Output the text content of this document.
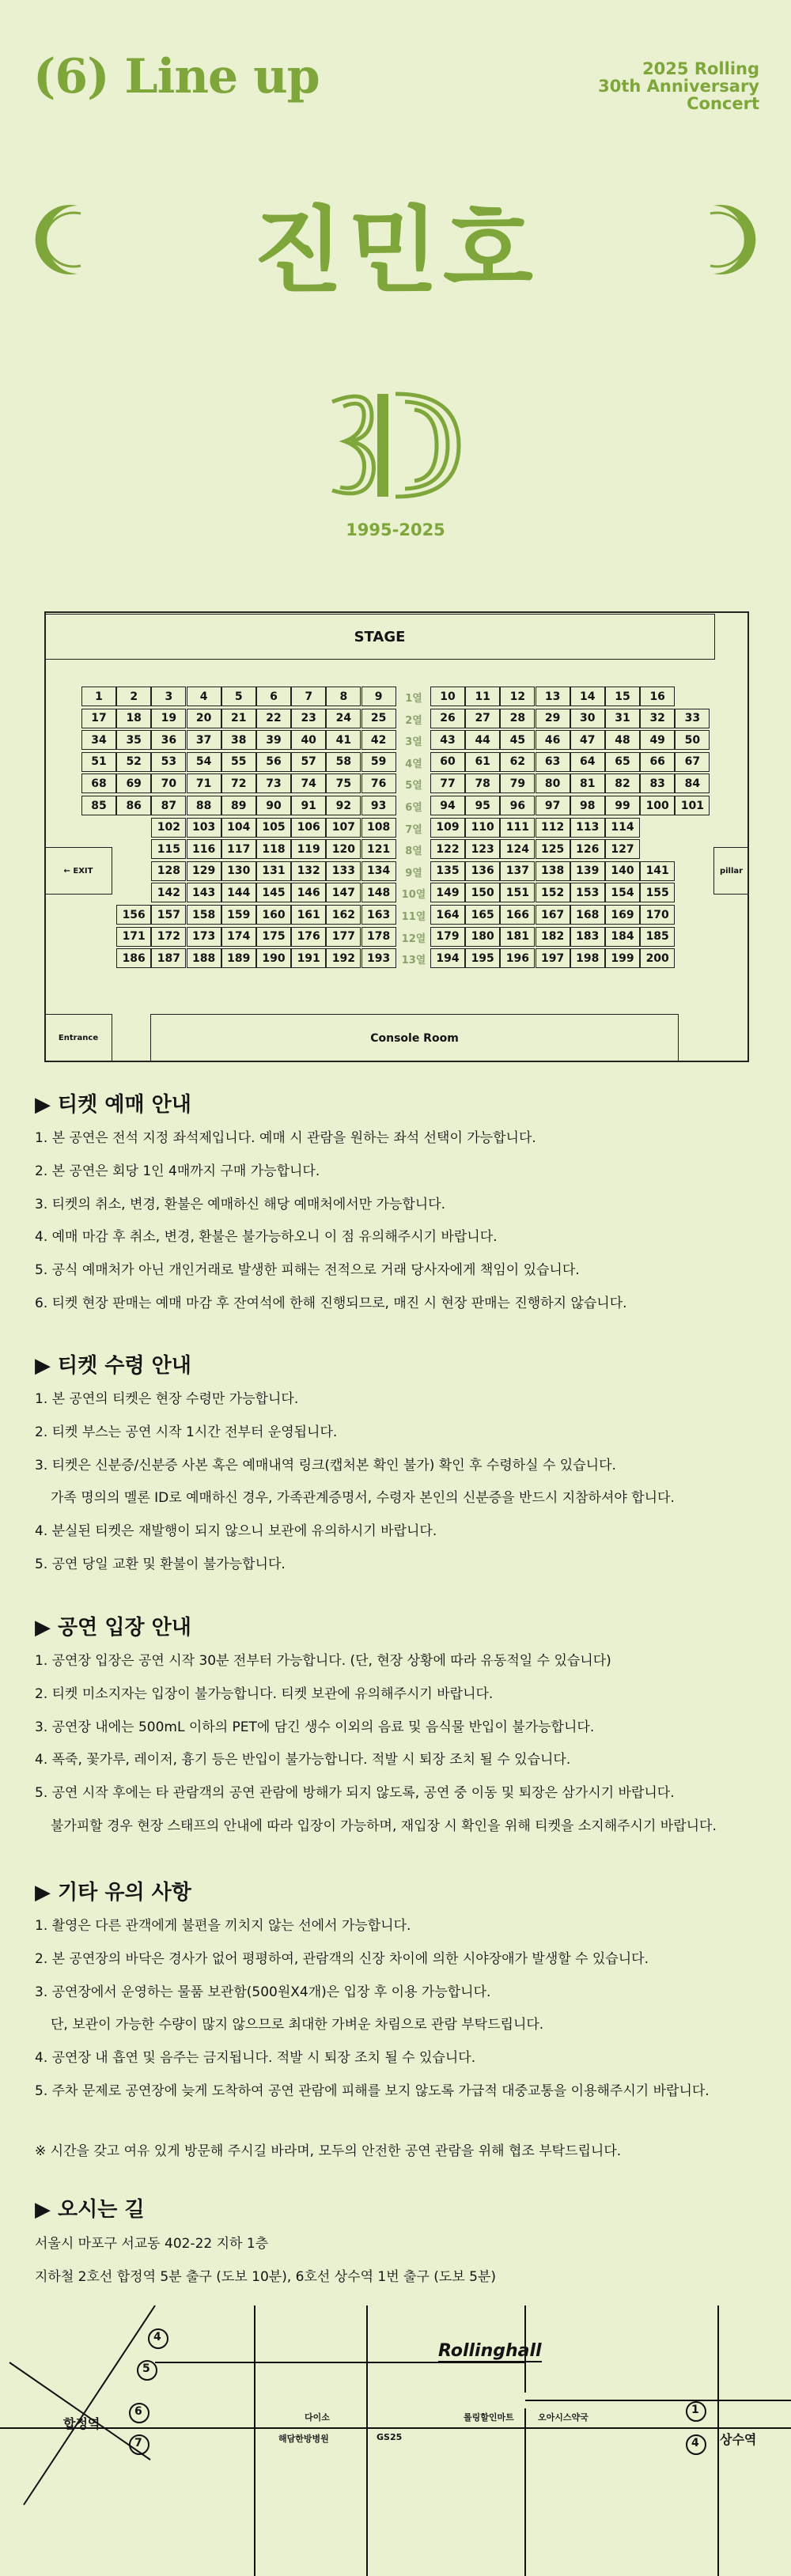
(6) Line up	2025 Rolling
30th Anniversary
Concert
진민호
1995-2025
STAGE
← EXIT	pillar
Entrance	Console Room
1	2	3	4	5	6	7	8	9	10	11	12	13	14	15	16
1열
17	18	19	20	21	22	23	24	25	26	27	28	29	30	31	32	33
2열
34	35	36	37	38	39	40	41	42	43	44	45	46	47	48	49	50
3열
51	52	53	54	55	56	57	58	59	60	61	62	63	64	65	66	67
4열
68	69	70	71	72	73	74	75	76	77	78	79	80	81	82	83	84
5열
85	86	87	88	89	90	91	92	93	94	95	96	97	98	99	100	101
6열
102	103	104	105	106	107	108	109	110	111	112	113	114
7열
115	116	117	118	119	120	121	122	123	124	125	126	127
8열
128	129	130	131	132	133	134	135	136	137	138	139	140	141
9열
142	143	144	145	146	147	148	149	150	151	152	153	154	155
10열
156	157	158	159	160	161	162	163	164	165	166	167	168	169	170
11열
171	172	173	174	175	176	177	178	179	180	181	182	183	184	185
12열
186	187	188	189	190	191	192	193	194	195	196	197	198	199	200
13열
▶ 티켓 예매 안내
1. 본 공연은 전석 지정 좌석제입니다. 예매 시 관람을 원하는 좌석 선택이 가능합니다.
2. 본 공연은 회당 1인 4매까지 구매 가능합니다.
3. 티켓의 취소, 변경, 환불은 예매하신 해당 예매처에서만 가능합니다.
4. 예매 마감 후 취소, 변경, 환불은 불가능하오니 이 점 유의해주시기 바랍니다.
5. 공식 예매처가 아닌 개인거래로 발생한 피해는 전적으로 거래 당사자에게 책임이 있습니다.
6. 티켓 현장 판매는 예매 마감 후 잔여석에 한해 진행되므로, 매진 시 현장 판매는 진행하지 않습니다.
▶ 티켓 수령 안내
1. 본 공연의 티켓은 현장 수령만 가능합니다.
2. 티켓 부스는 공연 시작 1시간 전부터 운영됩니다.
3. 티켓은 신분증/신분증 사본 혹은 예매내역 링크(캡처본 확인 불가) 확인 후 수령하실 수 있습니다.
가족 명의의 멜론 ID로 예매하신 경우, 가족관계증명서, 수령자 본인의 신분증을 반드시 지참하셔야 합니다.
4. 분실된 티켓은 재발행이 되지 않으니 보관에 유의하시기 바랍니다.
5. 공연 당일 교환 및 환불이 불가능합니다.
▶ 공연 입장 안내
1. 공연장 입장은 공연 시작 30분 전부터 가능합니다. (단, 현장 상황에 따라 유동적일 수 있습니다)
2. 티켓 미소지자는 입장이 불가능합니다. 티켓 보관에 유의해주시기 바랍니다.
3. 공연장 내에는 500mL 이하의 PET에 담긴 생수 이외의 음료 및 음식물 반입이 불가능합니다.
4. 폭죽, 꽃가루, 레이저, 흉기 등은 반입이 불가능합니다. 적발 시 퇴장 조치 될 수 있습니다.
5. 공연 시작 후에는 타 관람객의 공연 관람에 방해가 되지 않도록, 공연 중 이동 및 퇴장은 삼가시기 바랍니다.
불가피할 경우 현장 스태프의 안내에 따라 입장이 가능하며, 재입장 시 확인을 위해 티켓을 소지해주시기 바랍니다.
▶ 기타 유의 사항
1. 촬영은 다른 관객에게 불편을 끼치지 않는 선에서 가능합니다.
2. 본 공연장의 바닥은 경사가 없어 평평하여, 관람객의 신장 차이에 의한 시야장애가 발생할 수 있습니다.
3. 공연장에서 운영하는 물품 보관함(500원X4개)은 입장 후 이용 가능합니다.
단, 보관이 가능한 수량이 많지 않으므로 최대한 가벼운 차림으로 관람 부탁드립니다.
4. 공연장 내 흡연 및 음주는 금지됩니다. 적발 시 퇴장 조치 될 수 있습니다.
5. 주차 문제로 공연장에 늦게 도착하여 공연 관람에 피해를 보지 않도록 가급적 대중교통을 이용해주시기 바랍니다.
※ 시간을 갖고 여유 있게 방문해 주시길 바라며, 모두의 안전한 공연 관람을 위해 협조 부탁드립니다.
▶ 오시는 길
서울시 마포구 서교동 402-22 지하 1층
지하철 2호선 합정역 5분 출구 (도보 10분), 6호선 상수역 1번 출구 (도보 5분)
4
5
6
7
1
4
Rollinghall
합정역
상수역
다이소
해담한방병원	GS25
롤링할인마트	오아시스약국
